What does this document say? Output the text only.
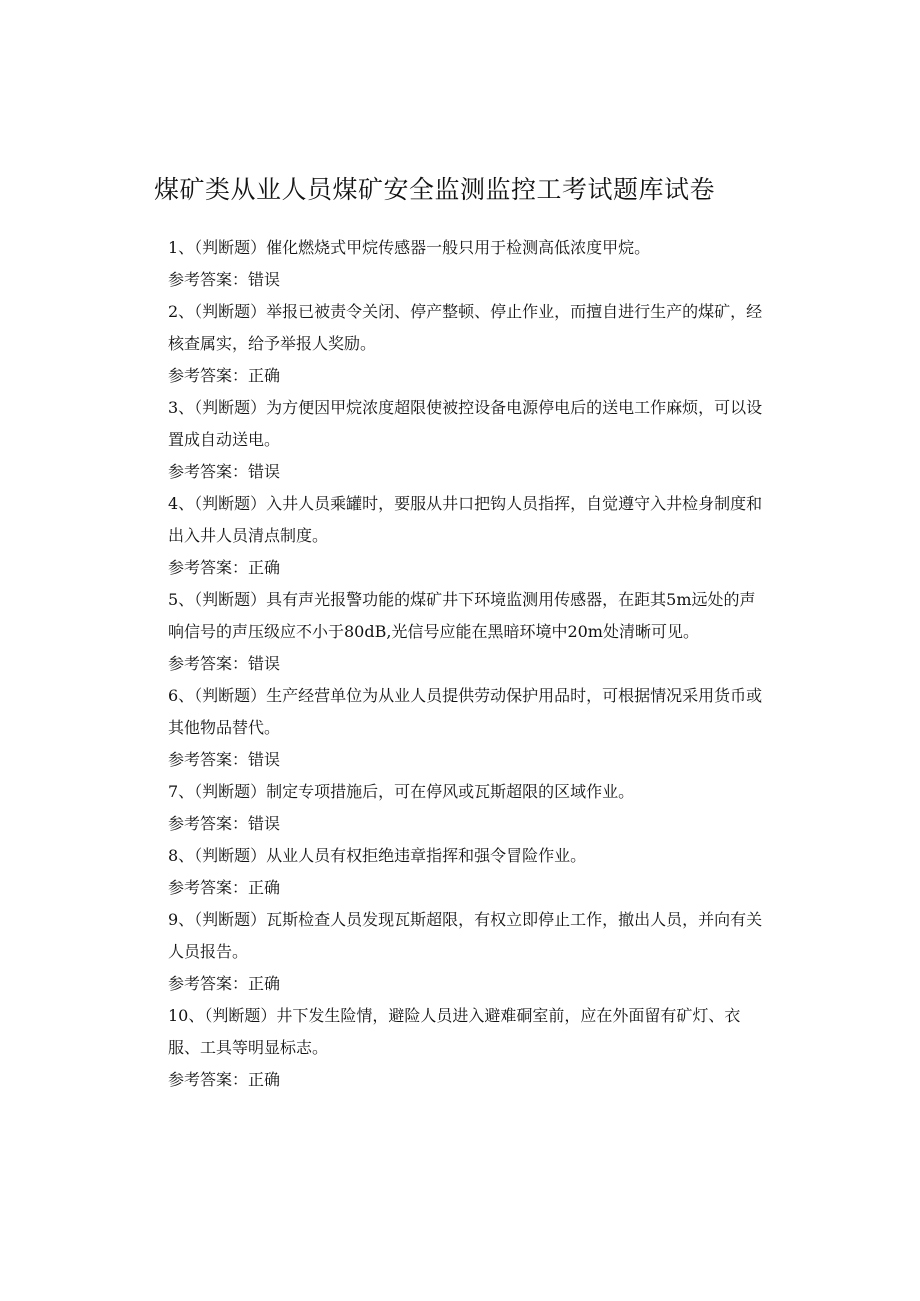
煤矿类从业人员煤矿安全监测监控工考试题库试卷

1、（判断题）催化燃烧式甲烷传感器一般只用于检测高低浓度甲烷。

参考答案：错误

2、（判断题）举报已被责令关闭、停产整顿、停止作业，而擅自进行生产的煤矿，经核查属实，给予举报人奖励。

参考答案：正确

3、（判断题）为方便因甲烷浓度超限使被控设备电源停电后的送电工作麻烦，可以设置成自动送电。

参考答案：错误

4、（判断题）入井人员乘罐时，要服从井口把钩人员指挥，自觉遵守入井检身制度和出入井人员清点制度。

参考答案：正确

5、（判断题）具有声光报警功能的煤矿井下环境监测用传感器，在距其5m远处的声响信号的声压级应不小于80dB,光信号应能在黑暗环境中20m处清晰可见。

参考答案：错误

6、（判断题）生产经营单位为从业人员提供劳动保护用品时，可根据情况采用货币或其他物品替代。

参考答案：错误

7、（判断题）制定专项措施后，可在停风或瓦斯超限的区域作业。

参考答案：错误

8、（判断题）从业人员有权拒绝违章指挥和强令冒险作业。

参考答案：正确

9、（判断题）瓦斯检查人员发现瓦斯超限，有权立即停止工作，撤出人员，并向有关人员报告。

参考答案：正确

10、（判断题）井下发生险情，避险人员进入避难硐室前，应在外面留有矿灯、衣服、工具等明显标志。

参考答案：正确
